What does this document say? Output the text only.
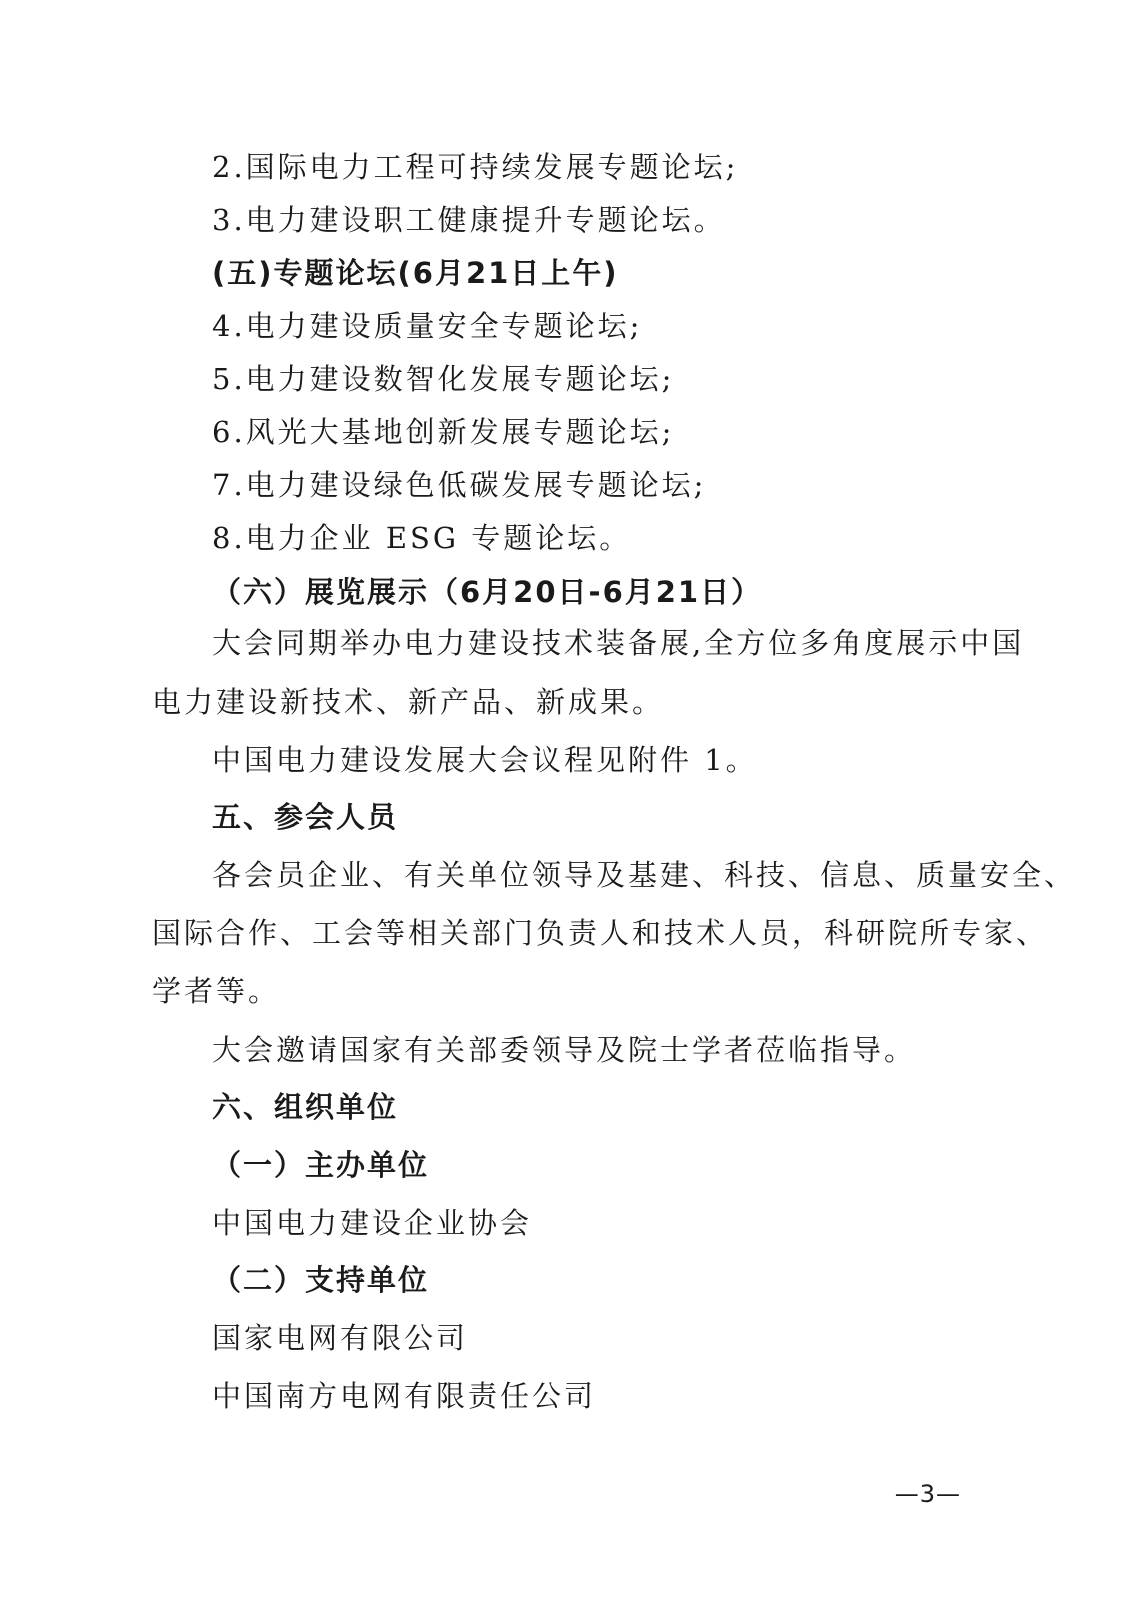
2.国际电力工程可持续发展专题论坛;
3.电力建设职工健康提升专题论坛。
(五)专题论坛(6月21日上午)
4.电力建设质量安全专题论坛;
5.电力建设数智化发展专题论坛;
6.风光大基地创新发展专题论坛;
7.电力建设绿色低碳发展专题论坛;
8.电力企业 ESG 专题论坛。
（六）展览展示（6月20日-6月21日）
大会同期举办电力建设技术装备展,全方位多角度展示中国
电力建设新技术、新产品、新成果。
中国电力建设发展大会议程见附件 1。
五、参会人员
各会员企业、有关单位领导及基建、科技、信息、质量安全、
国际合作、工会等相关部门负责人和技术人员，科研院所专家、
学者等。
大会邀请国家有关部委领导及院士学者莅临指导。
六、组织单位
（一）主办单位
中国电力建设企业协会
（二）支持单位
国家电网有限公司
中国南方电网有限责任公司
—3—
